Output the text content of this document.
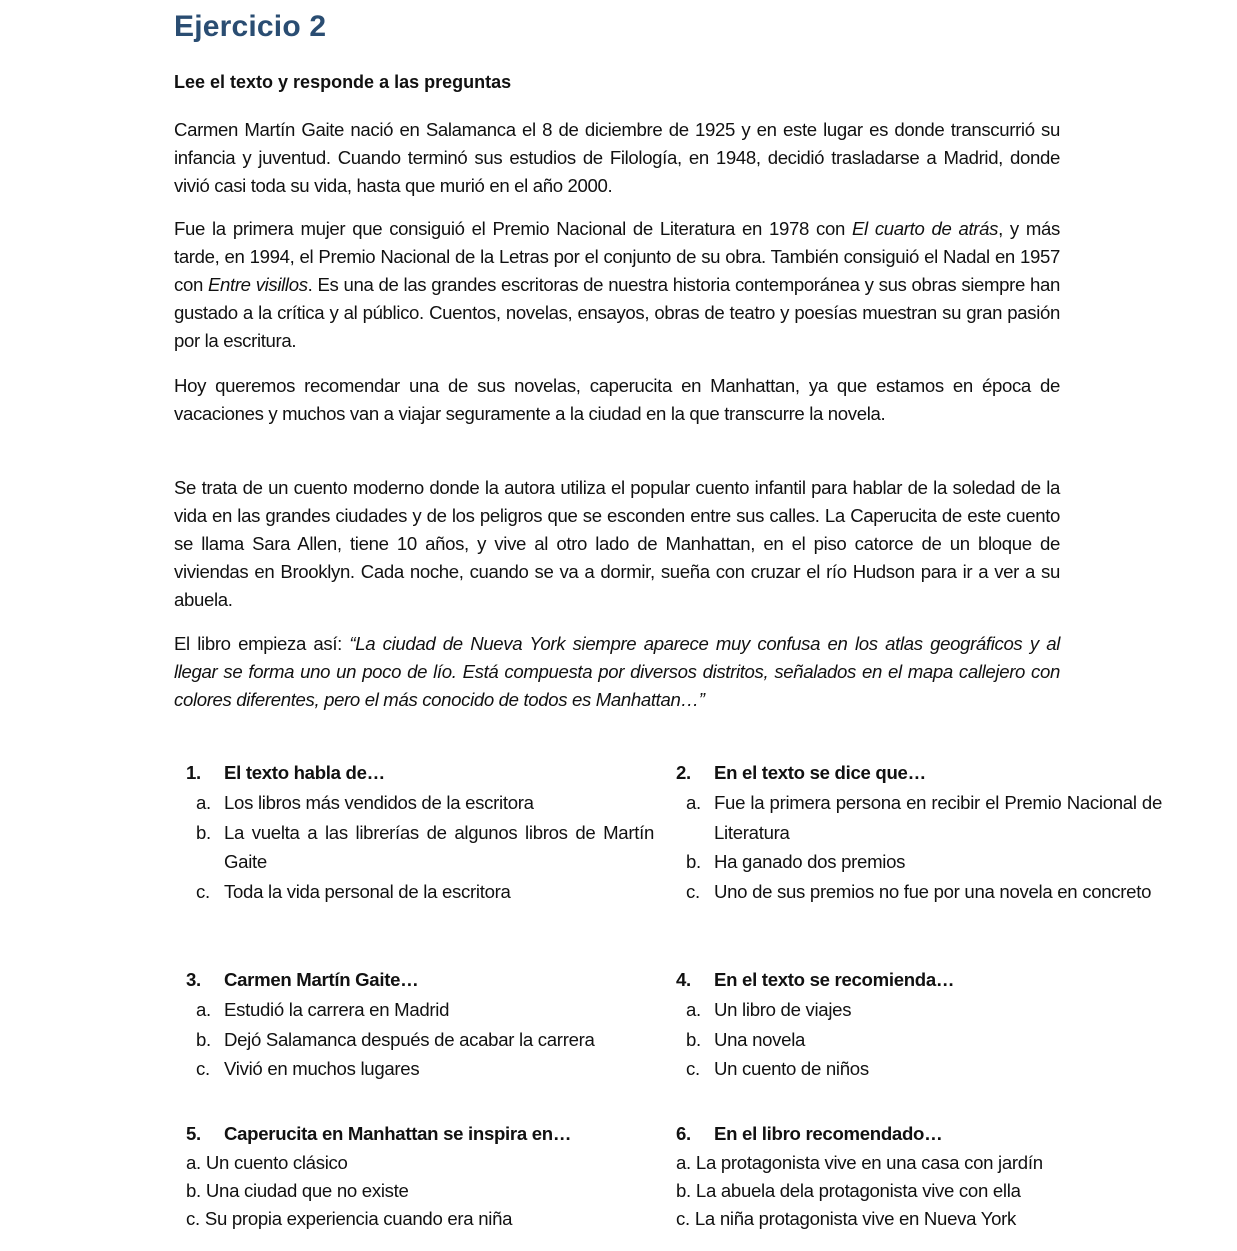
Ejercicio 2
Lee el texto y responde a las preguntas

Carmen Martín Gaite nació en Salamanca el 8 de diciembre de 1925 y en este lugar es donde transcurrió su infancia y juventud. Cuando terminó sus estudios de Filología, en 1948, decidió trasladarse a Madrid, donde vivió casi toda su vida, hasta que murió en el año 2000.

Fue la primera mujer que consiguió el Premio Nacional de Literatura en 1978 con El cuarto de atrás, y más tarde, en 1994, el Premio Nacional de la Letras por el conjunto de su obra. También consiguió el Nadal en 1957 con Entre visillos. Es una de las grandes escritoras de nuestra historia contemporánea y sus obras siempre han gustado a la crítica y al público. Cuentos, novelas, ensayos, obras de teatro y poesías muestran su gran pasión por la escritura.

Hoy queremos recomendar una de sus novelas, caperucita en Manhattan, ya que estamos en época de vacaciones y muchos van a viajar seguramente a la ciudad en la que transcurre la novela.

Se trata de un cuento moderno donde la autora utiliza el popular cuento infantil para hablar de la soledad de la vida en las grandes ciudades y de los peligros que se esconden entre sus calles. La Caperucita de este cuento se llama Sara Allen, tiene 10 años, y vive al otro lado de Manhattan, en el piso catorce de un bloque de viviendas en Brooklyn. Cada noche, cuando se va a dormir, sueña con cruzar el río Hudson para ir a ver a su abuela.

El libro empieza así: “La ciudad de Nueva York siempre aparece muy confusa en los atlas geográficos y al llegar se forma uno un poco de lío. Está compuesta por diversos distritos, señalados en el mapa callejero con colores diferentes, pero el más conocido de todos es Manhattan…”

1.	El texto habla de…
a. Los libros más vendidos de la escritora
b. La vuelta a las librerías de algunos libros de Martín Gaite
c. Toda la vida personal de la escritora
2.	En el texto se dice que…
a. Fue la primera persona en recibir el Premio Nacional de Literatura
b. Ha ganado dos premios
c. Uno de sus premios no fue por una novela en concreto
3.	Carmen Martín Gaite…
a. Estudió la carrera en Madrid
b. Dejó Salamanca después de acabar la carrera
c. Vivió en muchos lugares
4.	En el texto se recomienda…
a. Un libro de viajes
b. Una novela
c. Un cuento de niños
5.	Caperucita en Manhattan se inspira en…
a. Un cuento clásico
b. Una ciudad que no existe
c. Su propia experiencia cuando era niña
6.	En el libro recomendado…
a. La protagonista vive en una casa con jardín
b. La abuela dela protagonista vive con ella
c. La niña protagonista vive en Nueva York
